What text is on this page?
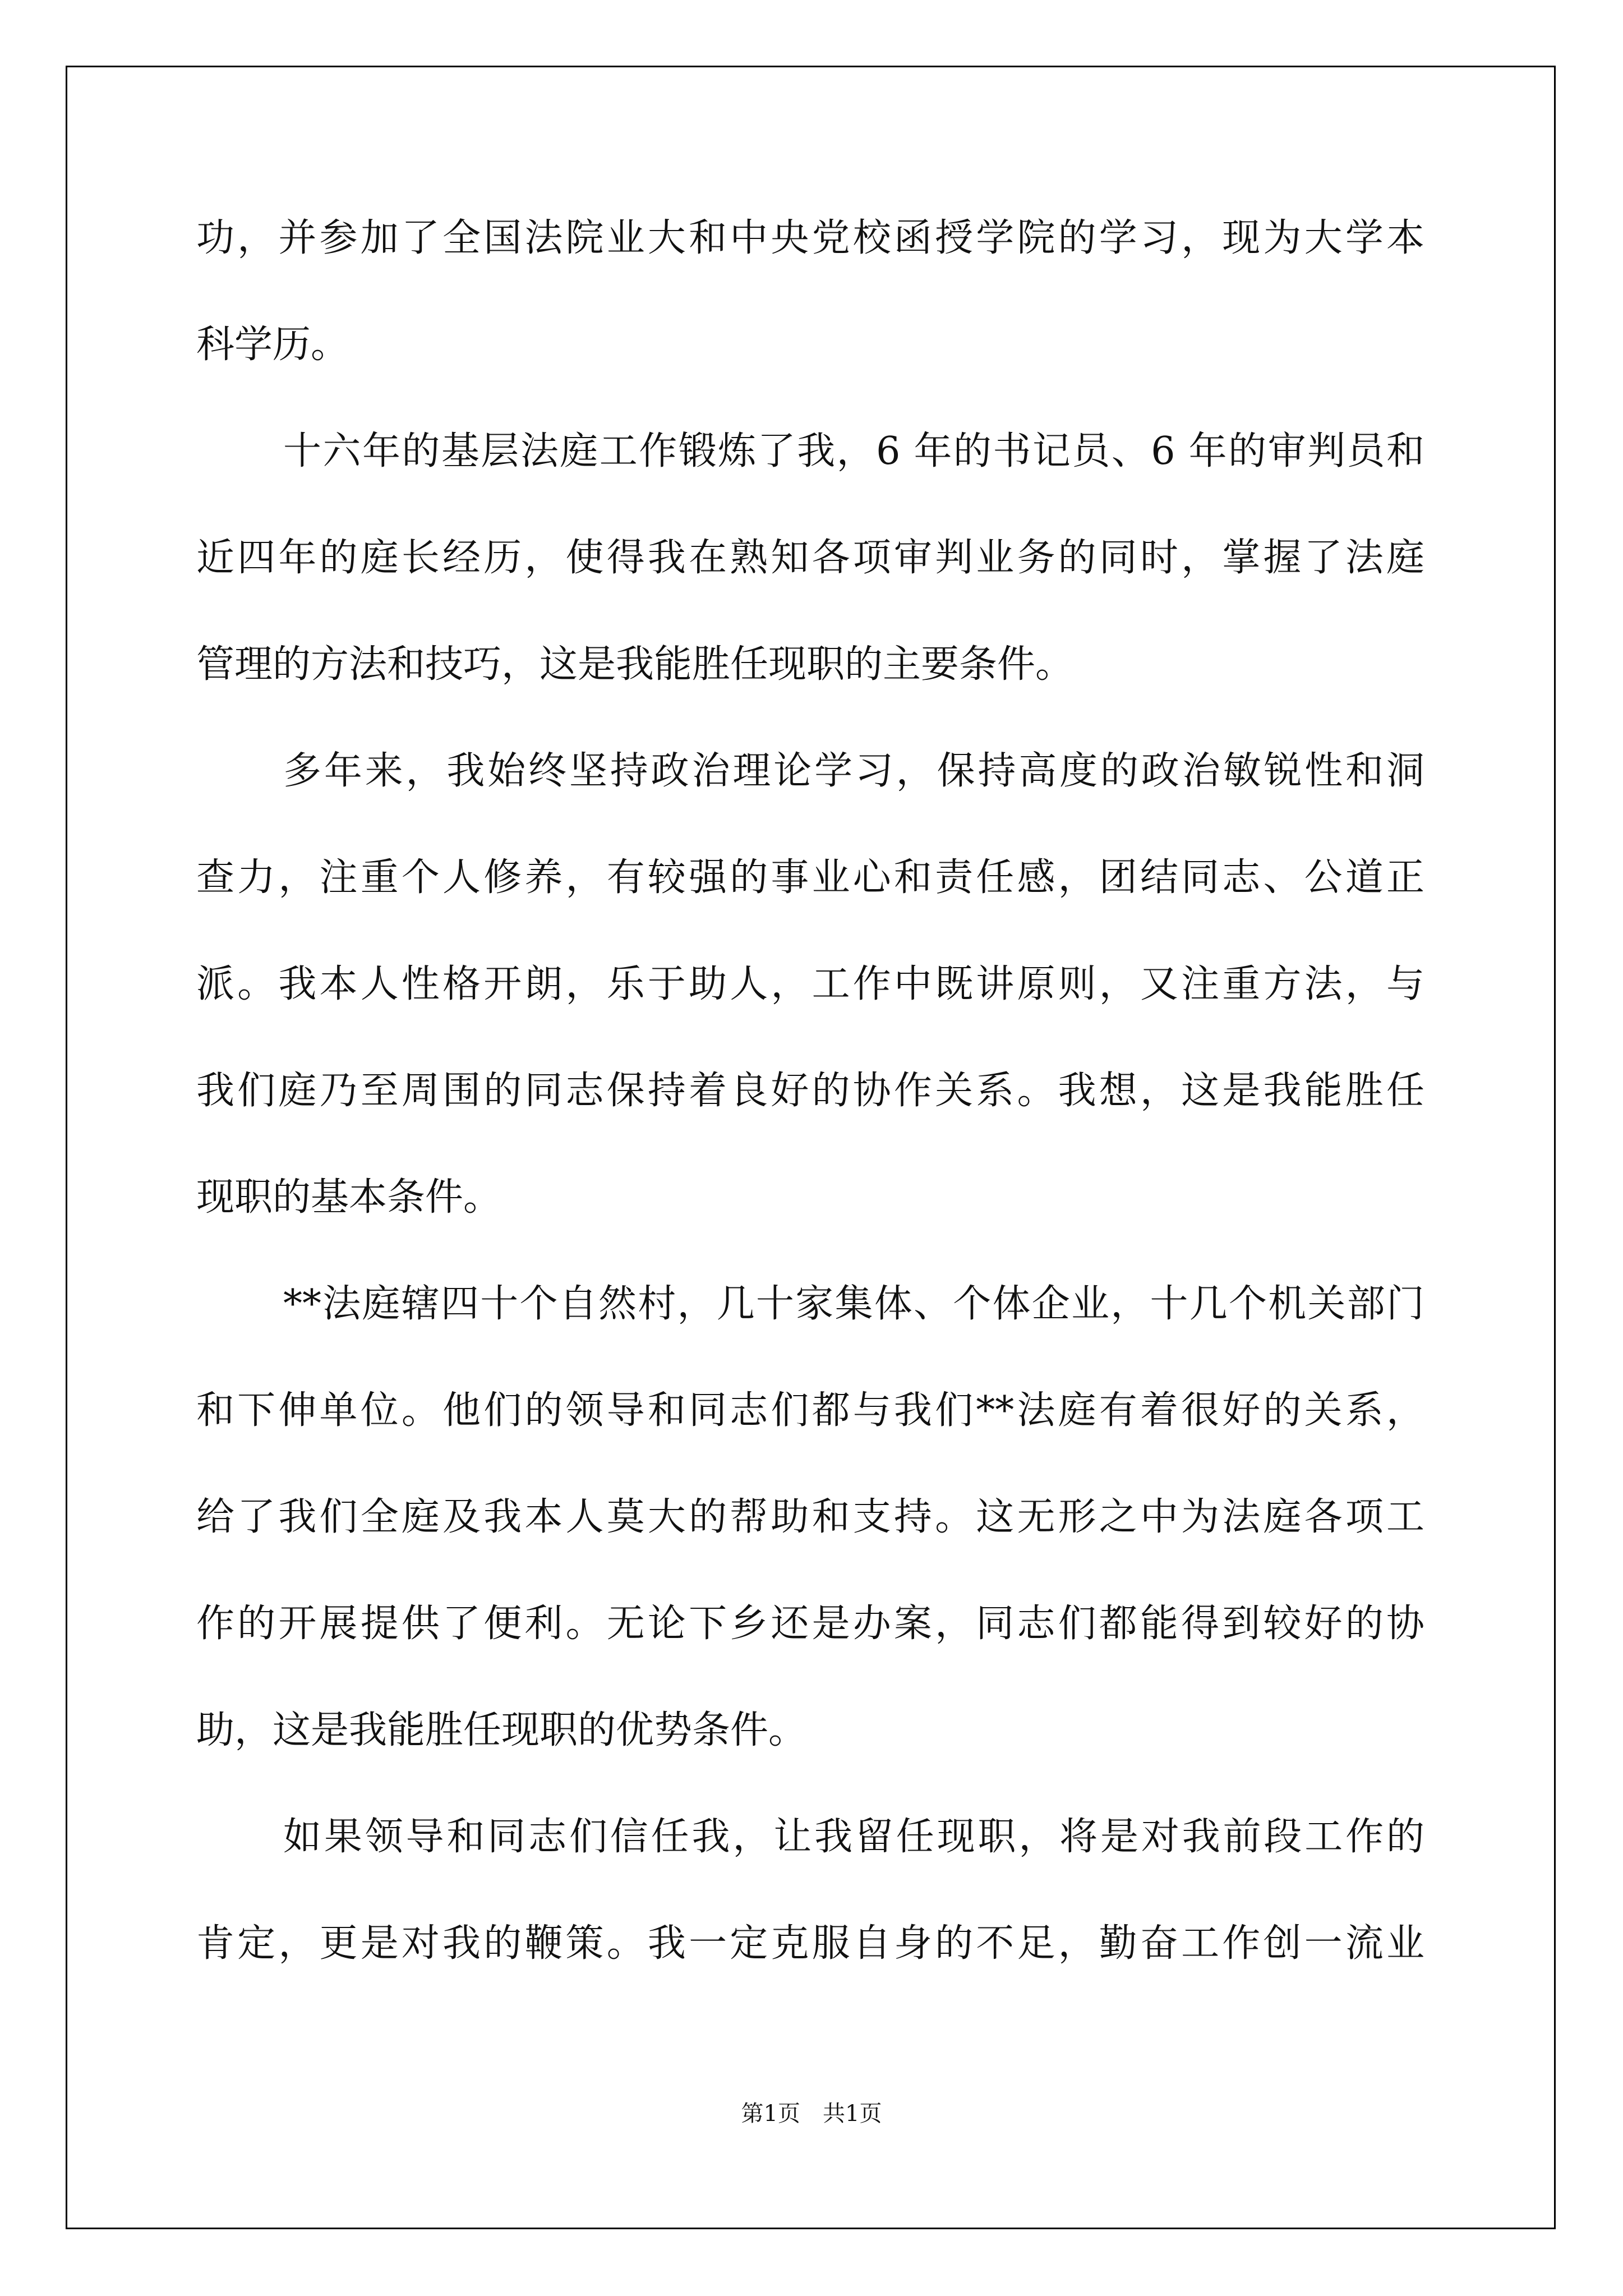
功，并参加了全国法院业大和中央党校函授学院的学习，现为大学本
科学历。
十六年的基层法庭工作锻炼了我，6 年的书记员、6 年的审判员和
近四年的庭长经历，使得我在熟知各项审判业务的同时，掌握了法庭
管理的方法和技巧，这是我能胜任现职的主要条件。
多年来，我始终坚持政治理论学习，保持高度的政治敏锐性和洞
查力，注重个人修养，有较强的事业心和责任感，团结同志、公道正
派。我本人性格开朗，乐于助人，工作中既讲原则，又注重方法，与
我们庭乃至周围的同志保持着良好的协作关系。我想，这是我能胜任
现职的基本条件。
**法庭辖四十个自然村，几十家集体、个体企业，十几个机关部门
和下伸单位。他们的领导和同志们都与我们**法庭有着很好的关系，
给了我们全庭及我本人莫大的帮助和支持。这无形之中为法庭各项工
作的开展提供了便利。无论下乡还是办案，同志们都能得到较好的协
助，这是我能胜任现职的优势条件。
如果领导和同志们信任我，让我留任现职，将是对我前段工作的
肯定，更是对我的鞭策。我一定克服自身的不足，勤奋工作创一流业
第1页 共1页
